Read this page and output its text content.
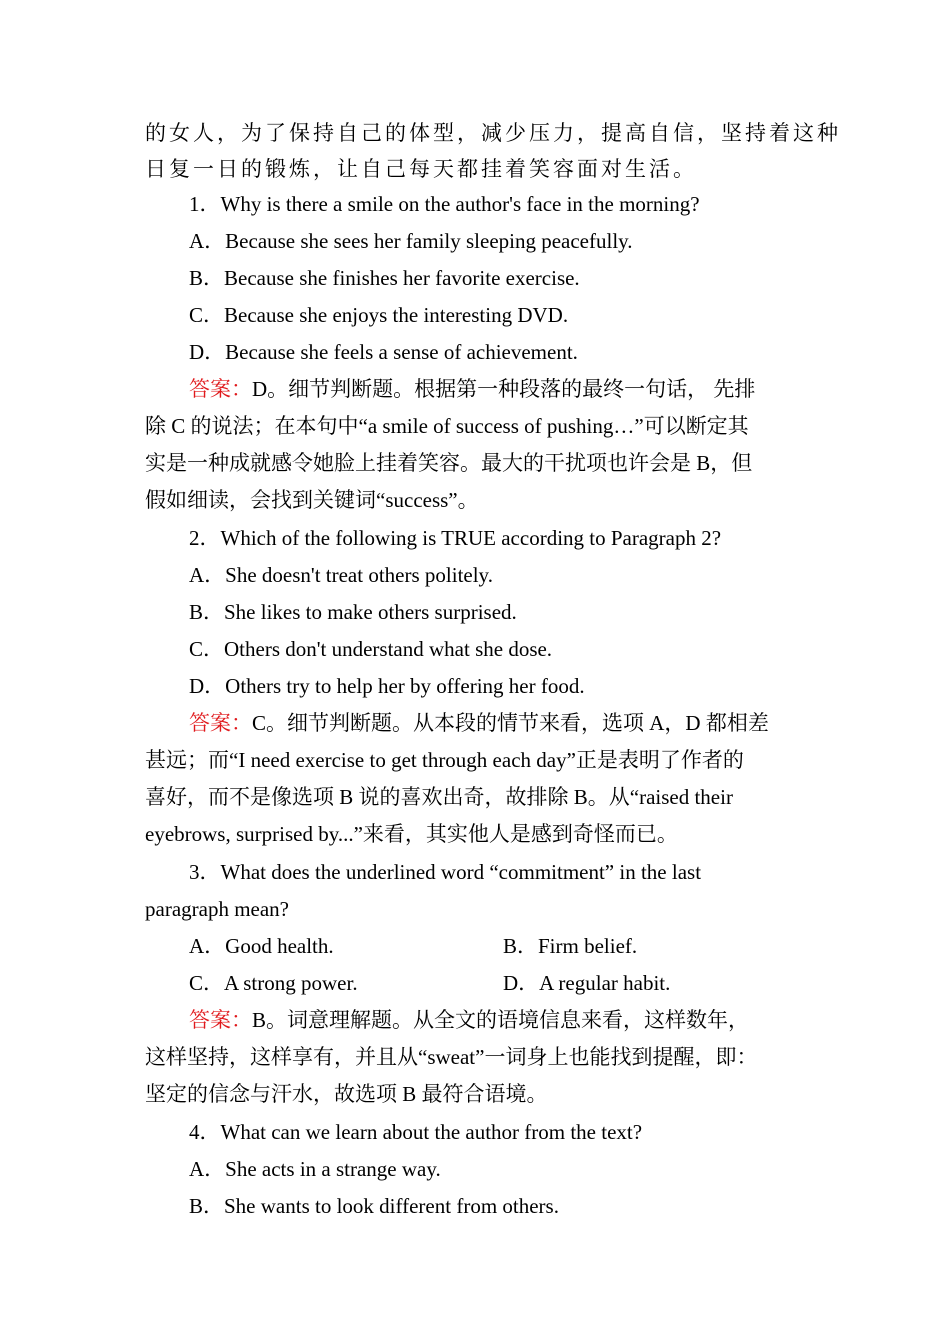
的女人，为了保持自己的体型，减少压力，提高自信，坚持着这种
日复一日的锻炼，让自己每天都挂着笑容面对生活。
1．Why is there a smile on the author's face in the morning?
A．Because she sees her family sleeping peacefully.
B．Because she finishes her favorite exercise.
C．Because she enjoys the interesting DVD.
D．Because she feels a sense of achievement.
答案：D。细节判断题。根据第一种段落的最终一句话， 先排
除 C 的说法；在本句中“a smile of success of pushing…”可以断定其
实是一种成就感令她脸上挂着笑容。最大的干扰项也许会是 B，但
假如细读，会找到关键词“success”。
2．Which of the following is TRUE according to Paragraph 2?
A．She doesn't treat others politely.
B．She likes to make others surprised.
C．Others don't understand what she dose.
D．Others try to help her by offering her food.
答案：C。细节判断题。从本段的情节来看，选项 A，D 都相差
甚远；而“I need exercise to get through each day”正是表明了作者的
喜好，而不是像选项 B 说的喜欢出奇，故排除 B。从“raised their
eyebrows, surprised by...”来看，其实他人是感到奇怪而已。
3．What does the underlined word “commitment” in the last
paragraph mean?
A．Good health.	B．Firm belief.
C．A strong power.	D．A regular habit.
答案：B。词意理解题。从全文的语境信息来看，这样数年，
这样坚持，这样享有，并且从“sweat”一词身上也能找到提醒，即：
坚定的信念与汗水，故选项 B 最符合语境。
4．What can we learn about the author from the text?
A．She acts in a strange way.
B．She wants to look different from others.
